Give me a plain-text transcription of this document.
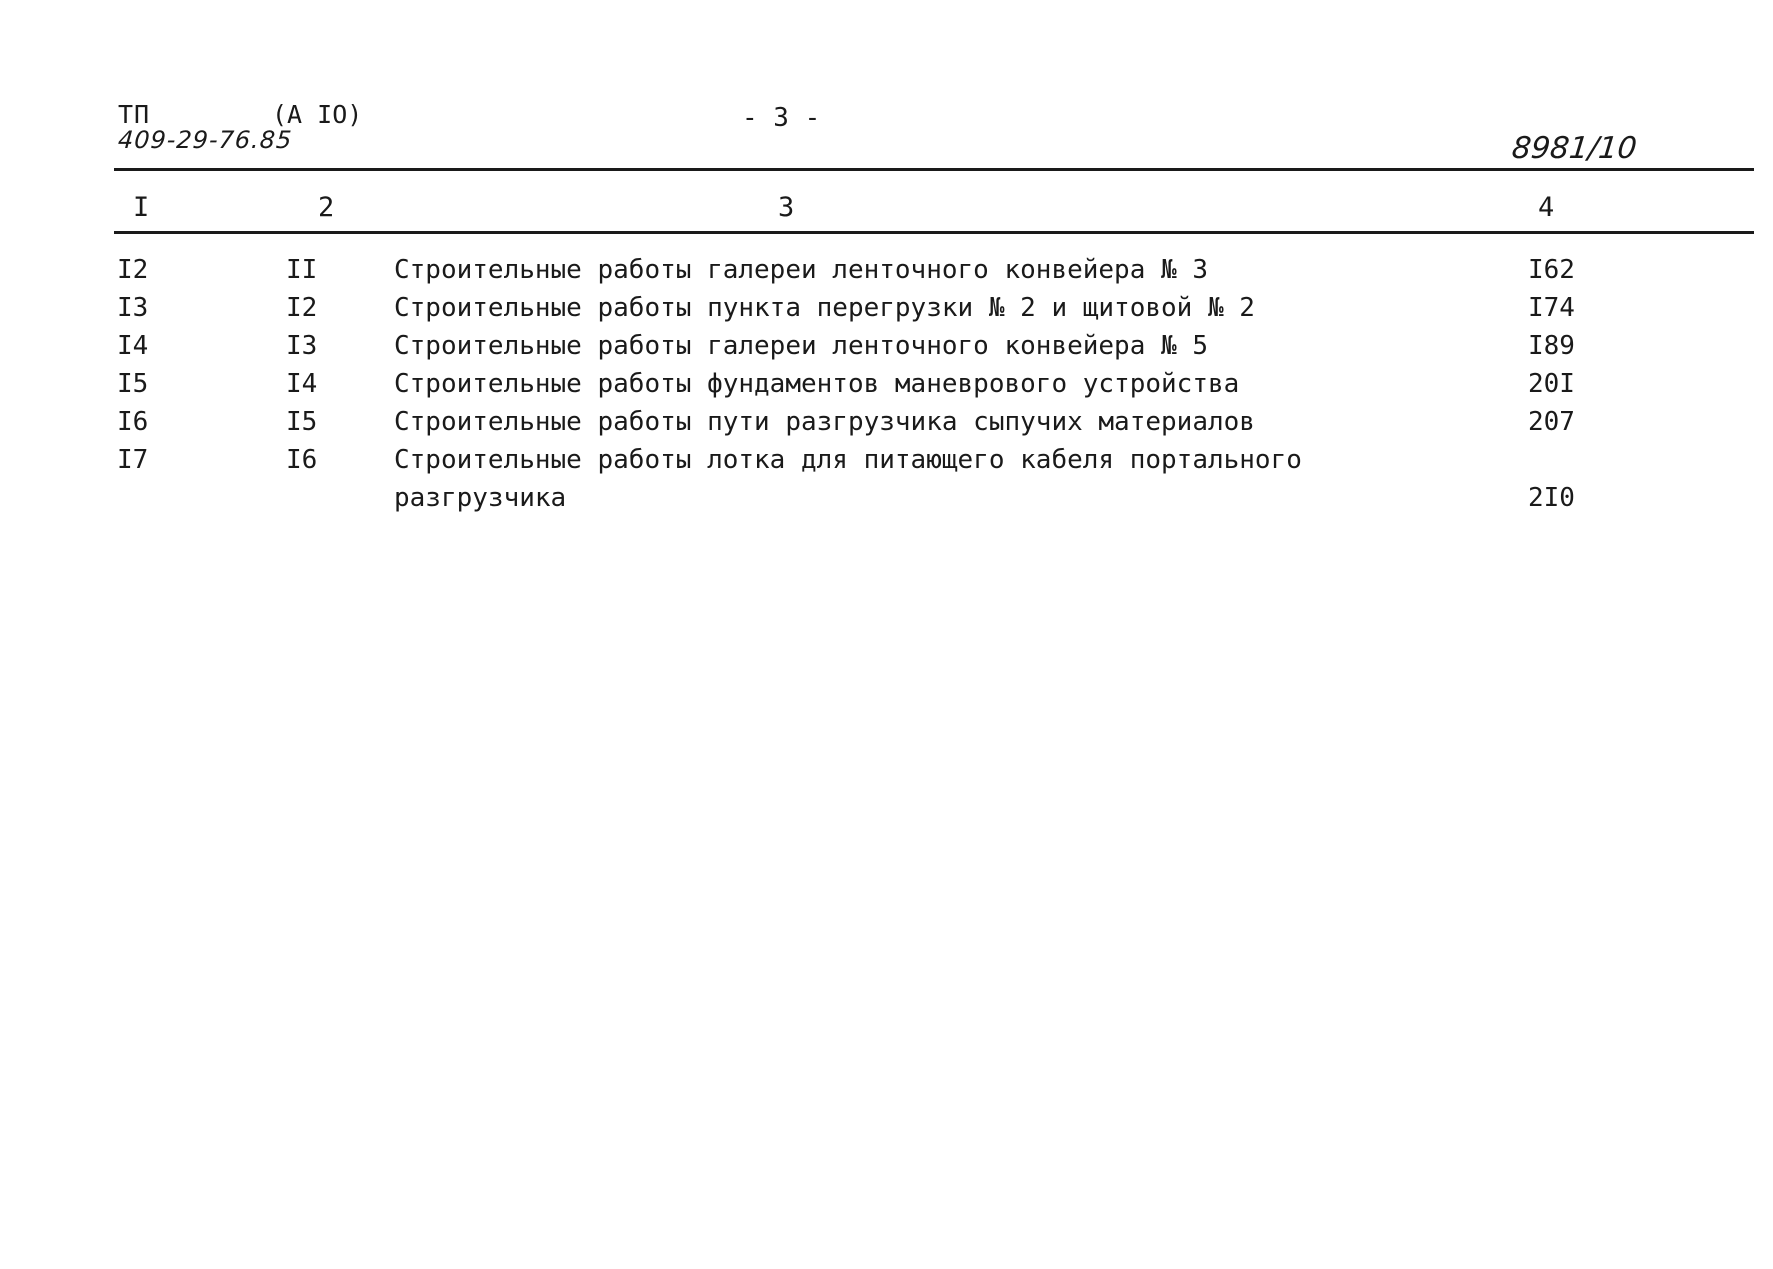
ТП	(А IO)
409-29-76.85
- 3 -
8981/10
I	2	3	4
I2	II	Строительные работы галереи ленточного конвейера № 3	I62
I3	I2	Строительные работы пункта перегрузки № 2 и щитовой № 2	I74
I4	I3	Строительные работы галереи ленточного конвейера № 5	I89
I5	I4	Строительные работы фундаментов маневрового устройства	20I
I6	I5	Строительные работы пути разгрузчика сыпучих материалов	207
I7	I6	Строительные работы лотка для питающего кабеля портального разгрузчика	2I0
